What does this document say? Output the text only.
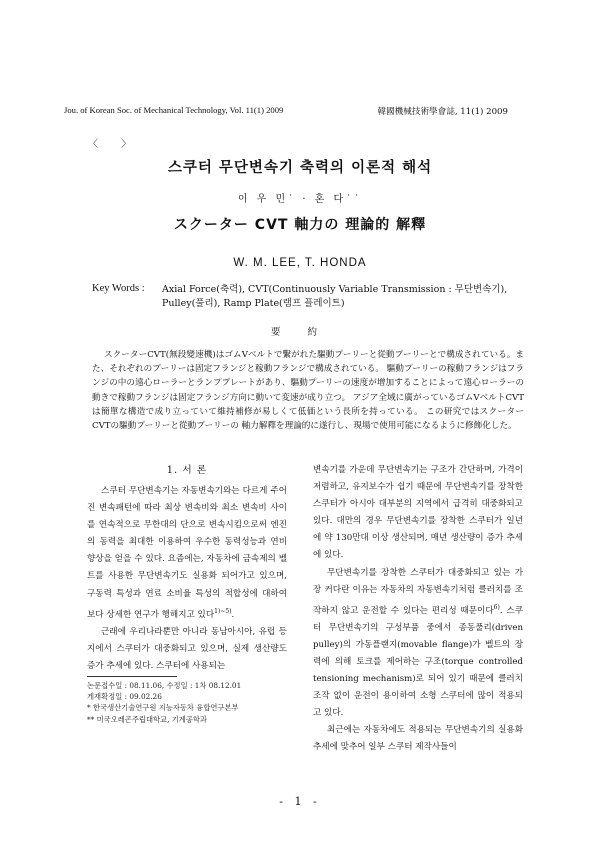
Jou. of Korean Soc. of Mechanical Technology, Vol. 11(1) 2009	韓國機械技術學會誌, 11(1) 2009
〈 〉
스쿠터 무단변속기 축력의 이론적 해석
이 우 민˙ · 혼 다˙˙
スクーター CVT 軸力の 理論的 解釋
W. M. LEE, T. HONDA
Key Words : Axial Force(축력), CVT(Continuously Variable Transmission : 무단변속기), Pulley(풀리), Ramp Plate(램프 플레이트)
要 約
スクーターCVT(無段變速機)はゴムVベルトで繫がれた驅動プーリーと從動プーリーとで構成されている。また、それぞれのプーリーは固定フランジと稼動フランジで構成されている。 驅動プーリーの稼動フランジはフランジの中の遠心ローラーとランププレートがあり、驅動プーリーの速度が增加することによって遠心ローラーの動きで稼動フランジは固定フランジ方向に動いて変速が成り立つ。 アジア全域に廣がっているゴムVベルトCVTは簡單な構造で成り立っていて維持補修が易しくて低価という長所を持っている。 この研究ではスクーターCVTの驅動プーリーと從動プーリーの 軸力解釋を理論的に遂行し、現場で使用可能になるように修飾化した。
1. 서 론

스쿠터 무단변속기는 자동변속기와는 다르게 주어진 변속패턴에 따라 최상 변속비와 최소 변속비 사이를 연속적으로 무한대의 단으로 변속시킴으로써 엔진의 동력을 최대한 이용하여 우수한 동력성능과 연비 향상을 얻을 수 있다. 요즘에는, 자동차에 금속제의 벨트를 사용한 무단변속기도 실용화 되어가고 있으며, 구동력 특성과 연료 소비율 특성의 적합성에 대하여 보다 상세한 연구가 행해지고 있다$^{1)\sim 5)}$.

근래에 우리나라뿐만 아니라 동남아시아, 유럽 등지에서 스쿠터가 대중화되고 있으며, 실제 생산량도 증가 추세에 있다. 스쿠터에 사용되는

변속기를 가운데 무단변속기는 구조가 간단하며, 가격이 저렴하고, 유지보수가 쉽기 때문에 무단변속기를 장착한 스쿠터가 아시아 대부분의 지역에서 급격히 대중화되고 있다. 대만의 경우 무단변속기를 장착한 스쿠터가 일년에 약 130만대 이상 생산되며, 매년 생산량이 증가 추세에 있다.

무단변속기를 장착한 스쿠터가 대중화되고 있는 가장 커다란 이유는 자동차의 자동변속기처럼 클러치를 조작하지 않고 운전할 수 있다는 편리성 때문이다$^{6)}$. 스쿠터 무단변속기의 구성부품 중에서 종동풀리(driven pulley)의 가동플랜지(movable flange)가 벨트의 장력에 의해 토크를 제어하는 구조(torque controlled tensioning mechanism)로 되어 있기 때문에 클러치 조작 없이 운전이 용이하여 소형 스쿠터에 많이 적용되고 있다.

최근에는 자동차에도 적용되는 무단변속기의 실용화 추세에 맞추어 일부 스쿠터 제작사들이

논문접수일 : 08.11.06, 수정일 : 1차 08.12.01
게재확정일 : 09.02.26
* 한국생산기술연구원 지능자동차 융합연구본부
** 미국오레곤주립대학교, 기계공학과
- 1 -
